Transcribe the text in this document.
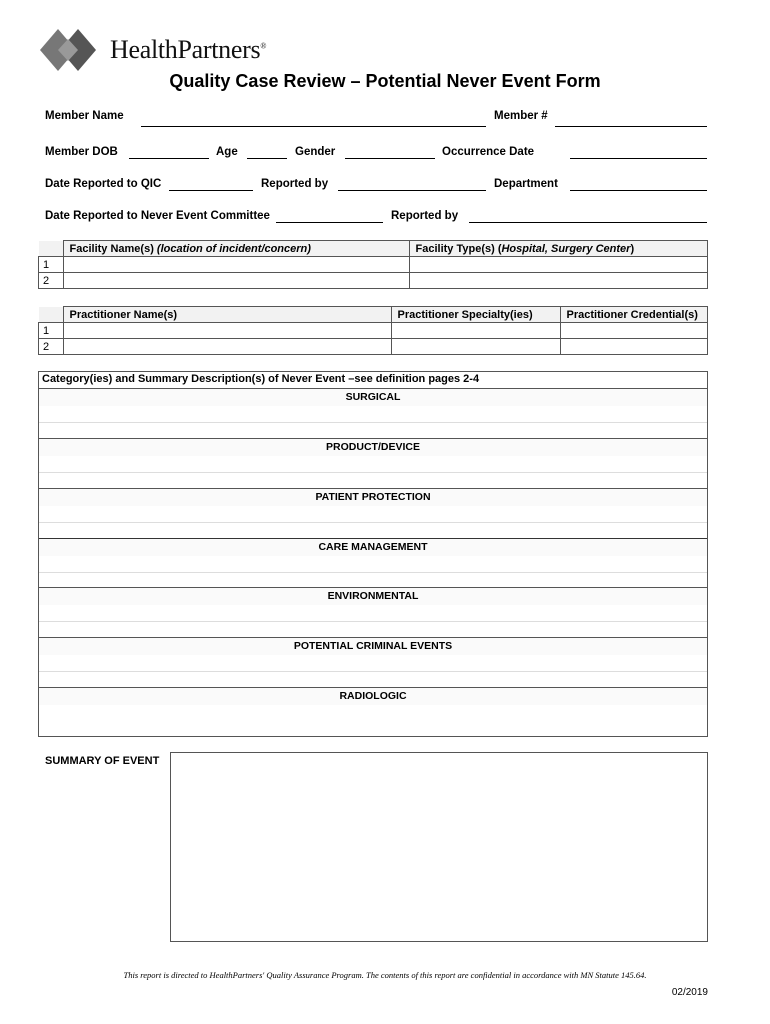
HealthPartners®
Quality Case Review – Potential Never Event Form
Member Name	Member #
Member DOB	Age	Gender	Occurrence Date
Date Reported to QIC	Reported by	Department
Date Reported to Never Event Committee	Reported by
	Facility Name(s) (location of incident/concern)	Facility Type(s) (Hospital, Surgery Center)
1		
2		
	Practitioner Name(s)	Practitioner Specialty(ies)	Practitioner Credential(s)
1			
2			
Category(ies) and Summary Description(s) of Never Event –see definition pages 2-4
SURGICAL
PRODUCT/DEVICE
PATIENT PROTECTION
CARE MANAGEMENT
ENVIRONMENTAL
POTENTIAL CRIMINAL EVENTS
RADIOLOGIC
SUMMARY OF EVENT
This report is directed to HealthPartners' Quality Assurance Program. The contents of this report are confidential in accordance with MN Statute 145.64.
02/2019
